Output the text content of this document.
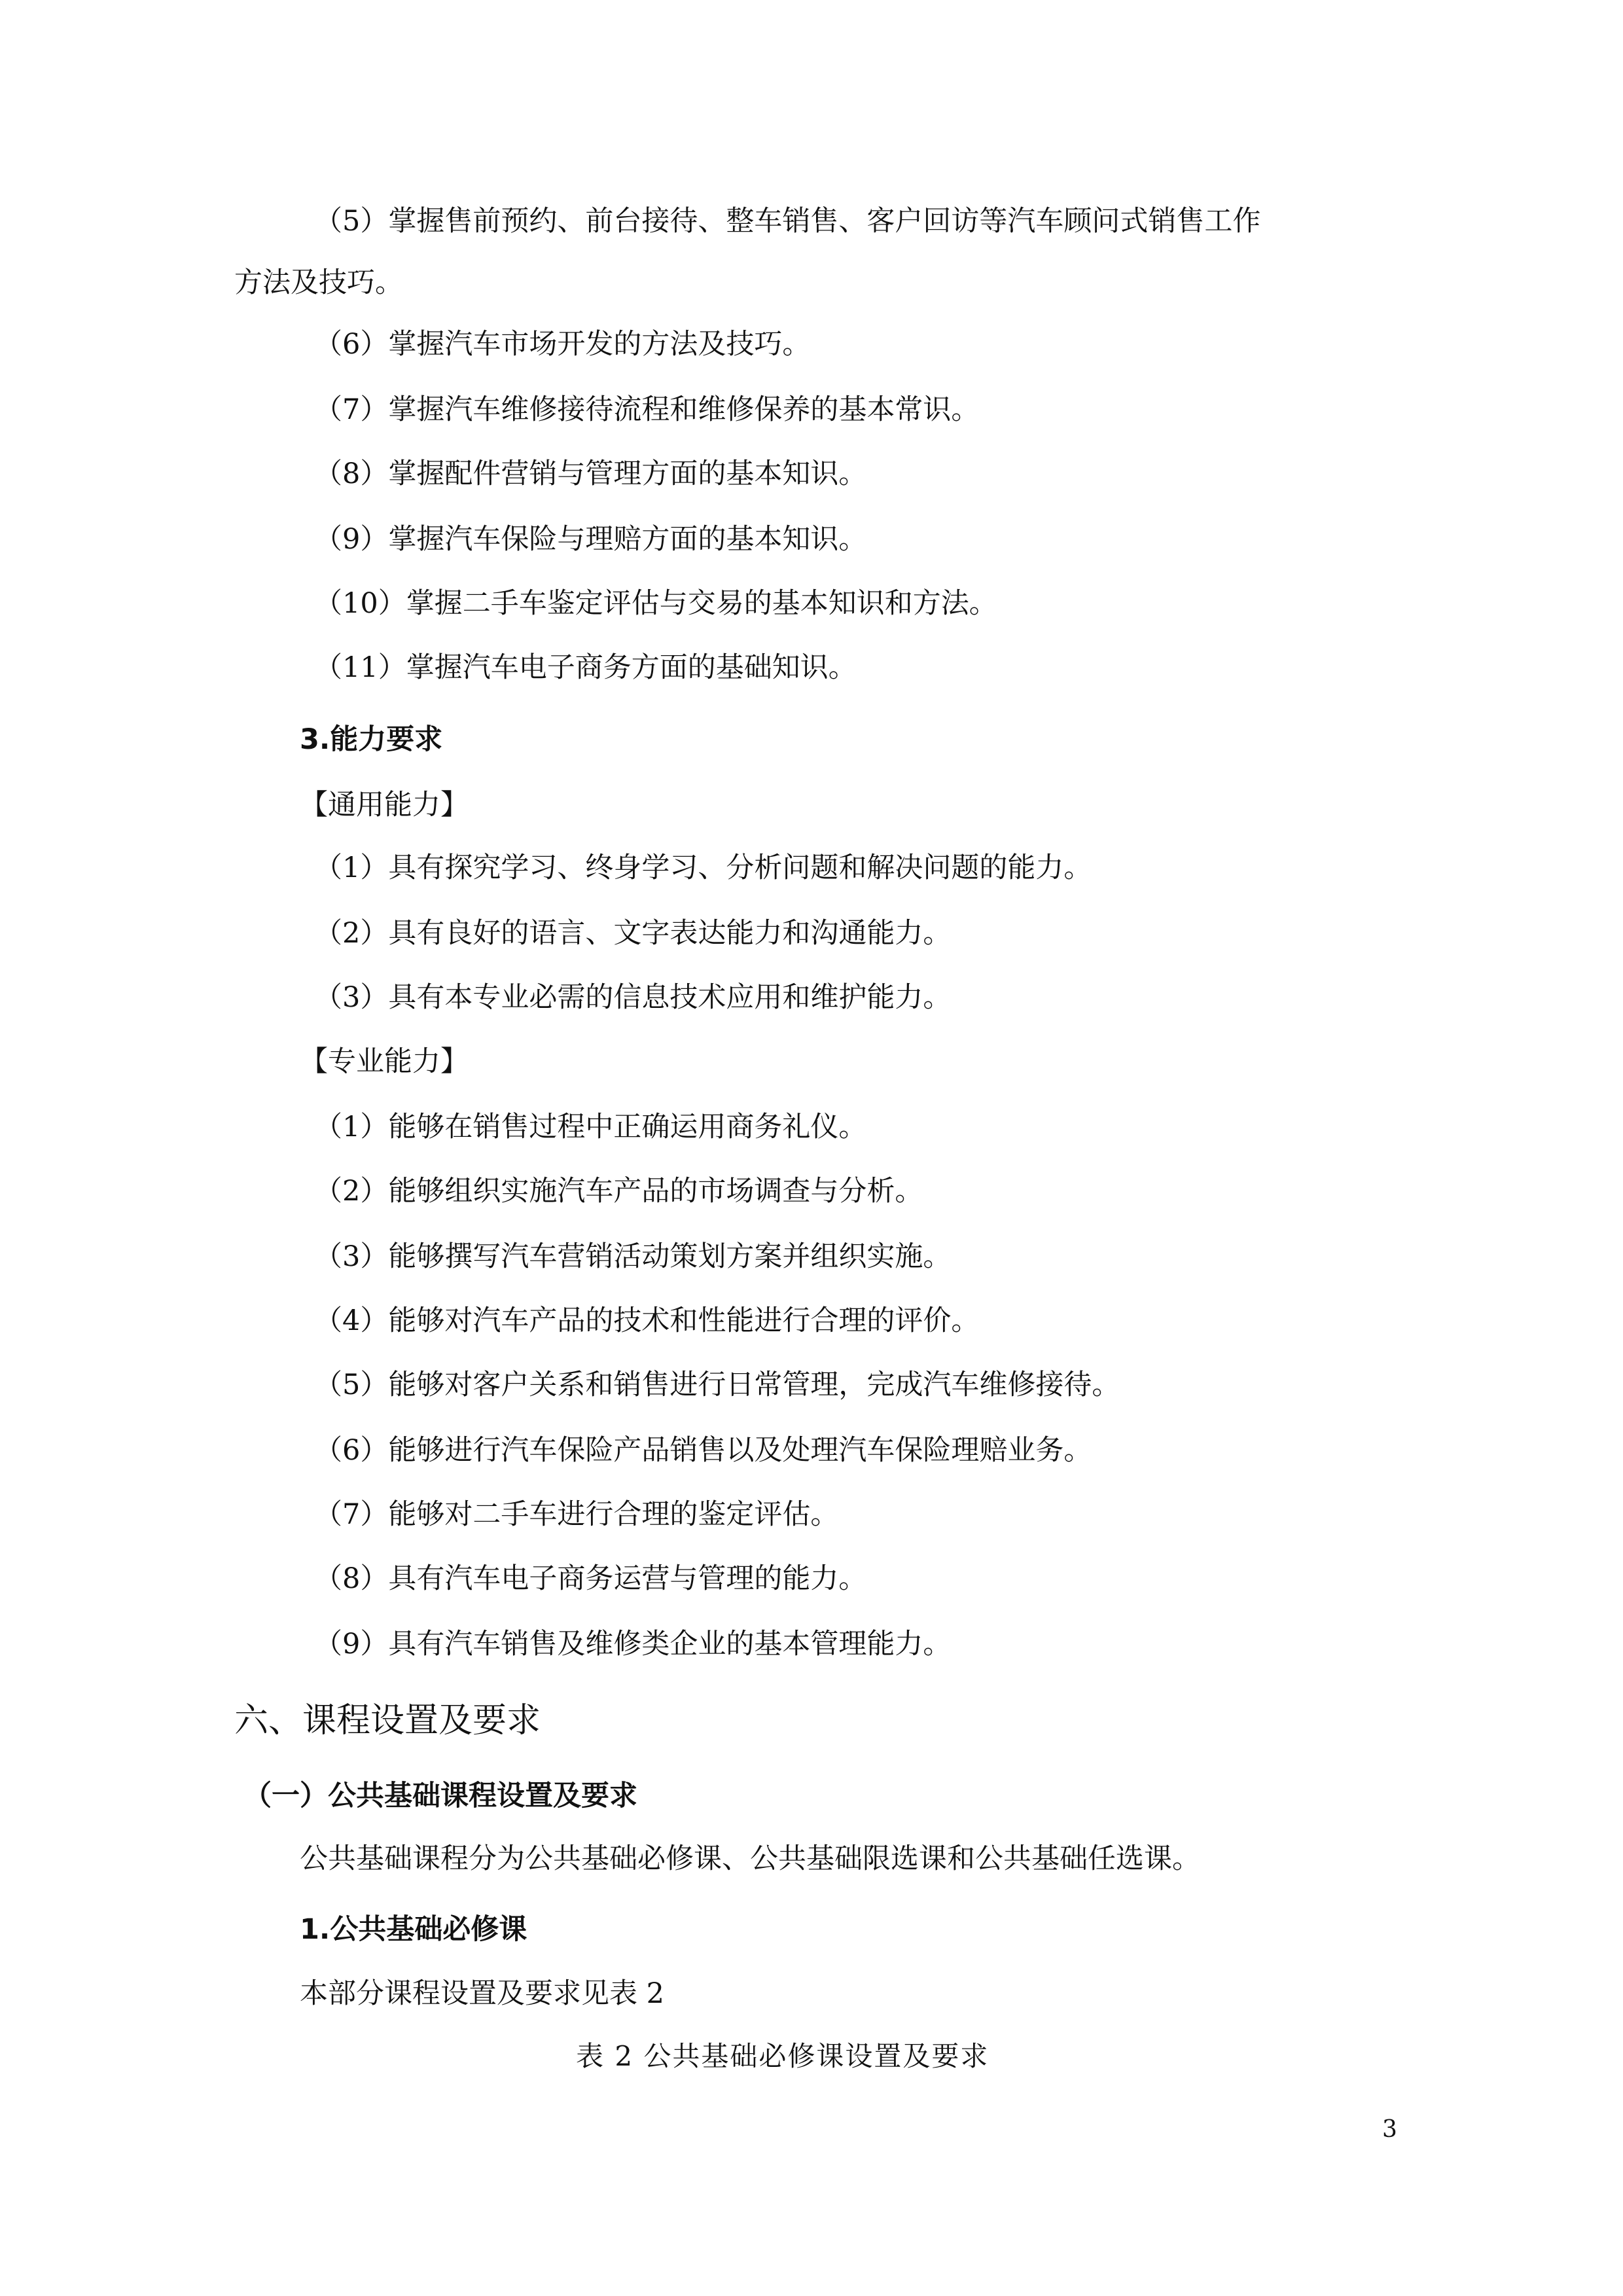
（5）掌握售前预约、前台接待、整车销售、客户回访等汽车顾问式销售工作

方法及技巧。

（6）掌握汽车市场开发的方法及技巧。

（7）掌握汽车维修接待流程和维修保养的基本常识。

（8）掌握配件营销与管理方面的基本知识。

（9）掌握汽车保险与理赔方面的基本知识。

（10）掌握二手车鉴定评估与交易的基本知识和方法。

（11）掌握汽车电子商务方面的基础知识。

3.能力要求

【通用能力】

（1）具有探究学习、终身学习、分析问题和解决问题的能力。

（2）具有良好的语言、文字表达能力和沟通能力。

（3）具有本专业必需的信息技术应用和维护能力。

【专业能力】

（1）能够在销售过程中正确运用商务礼仪。

（2）能够组织实施汽车产品的市场调查与分析。

（3）能够撰写汽车营销活动策划方案并组织实施。

（4）能够对汽车产品的技术和性能进行合理的评价。

（5）能够对客户关系和销售进行日常管理，完成汽车维修接待。

（6）能够进行汽车保险产品销售以及处理汽车保险理赔业务。

（7）能够对二手车进行合理的鉴定评估。

（8）具有汽车电子商务运营与管理的能力。

（9）具有汽车销售及维修类企业的基本管理能力。

六、课程设置及要求

（一）公共基础课程设置及要求

公共基础课程分为公共基础必修课、公共基础限选课和公共基础任选课。

1.公共基础必修课

本部分课程设置及要求见表 2

表 2 公共基础必修课设置及要求

3
